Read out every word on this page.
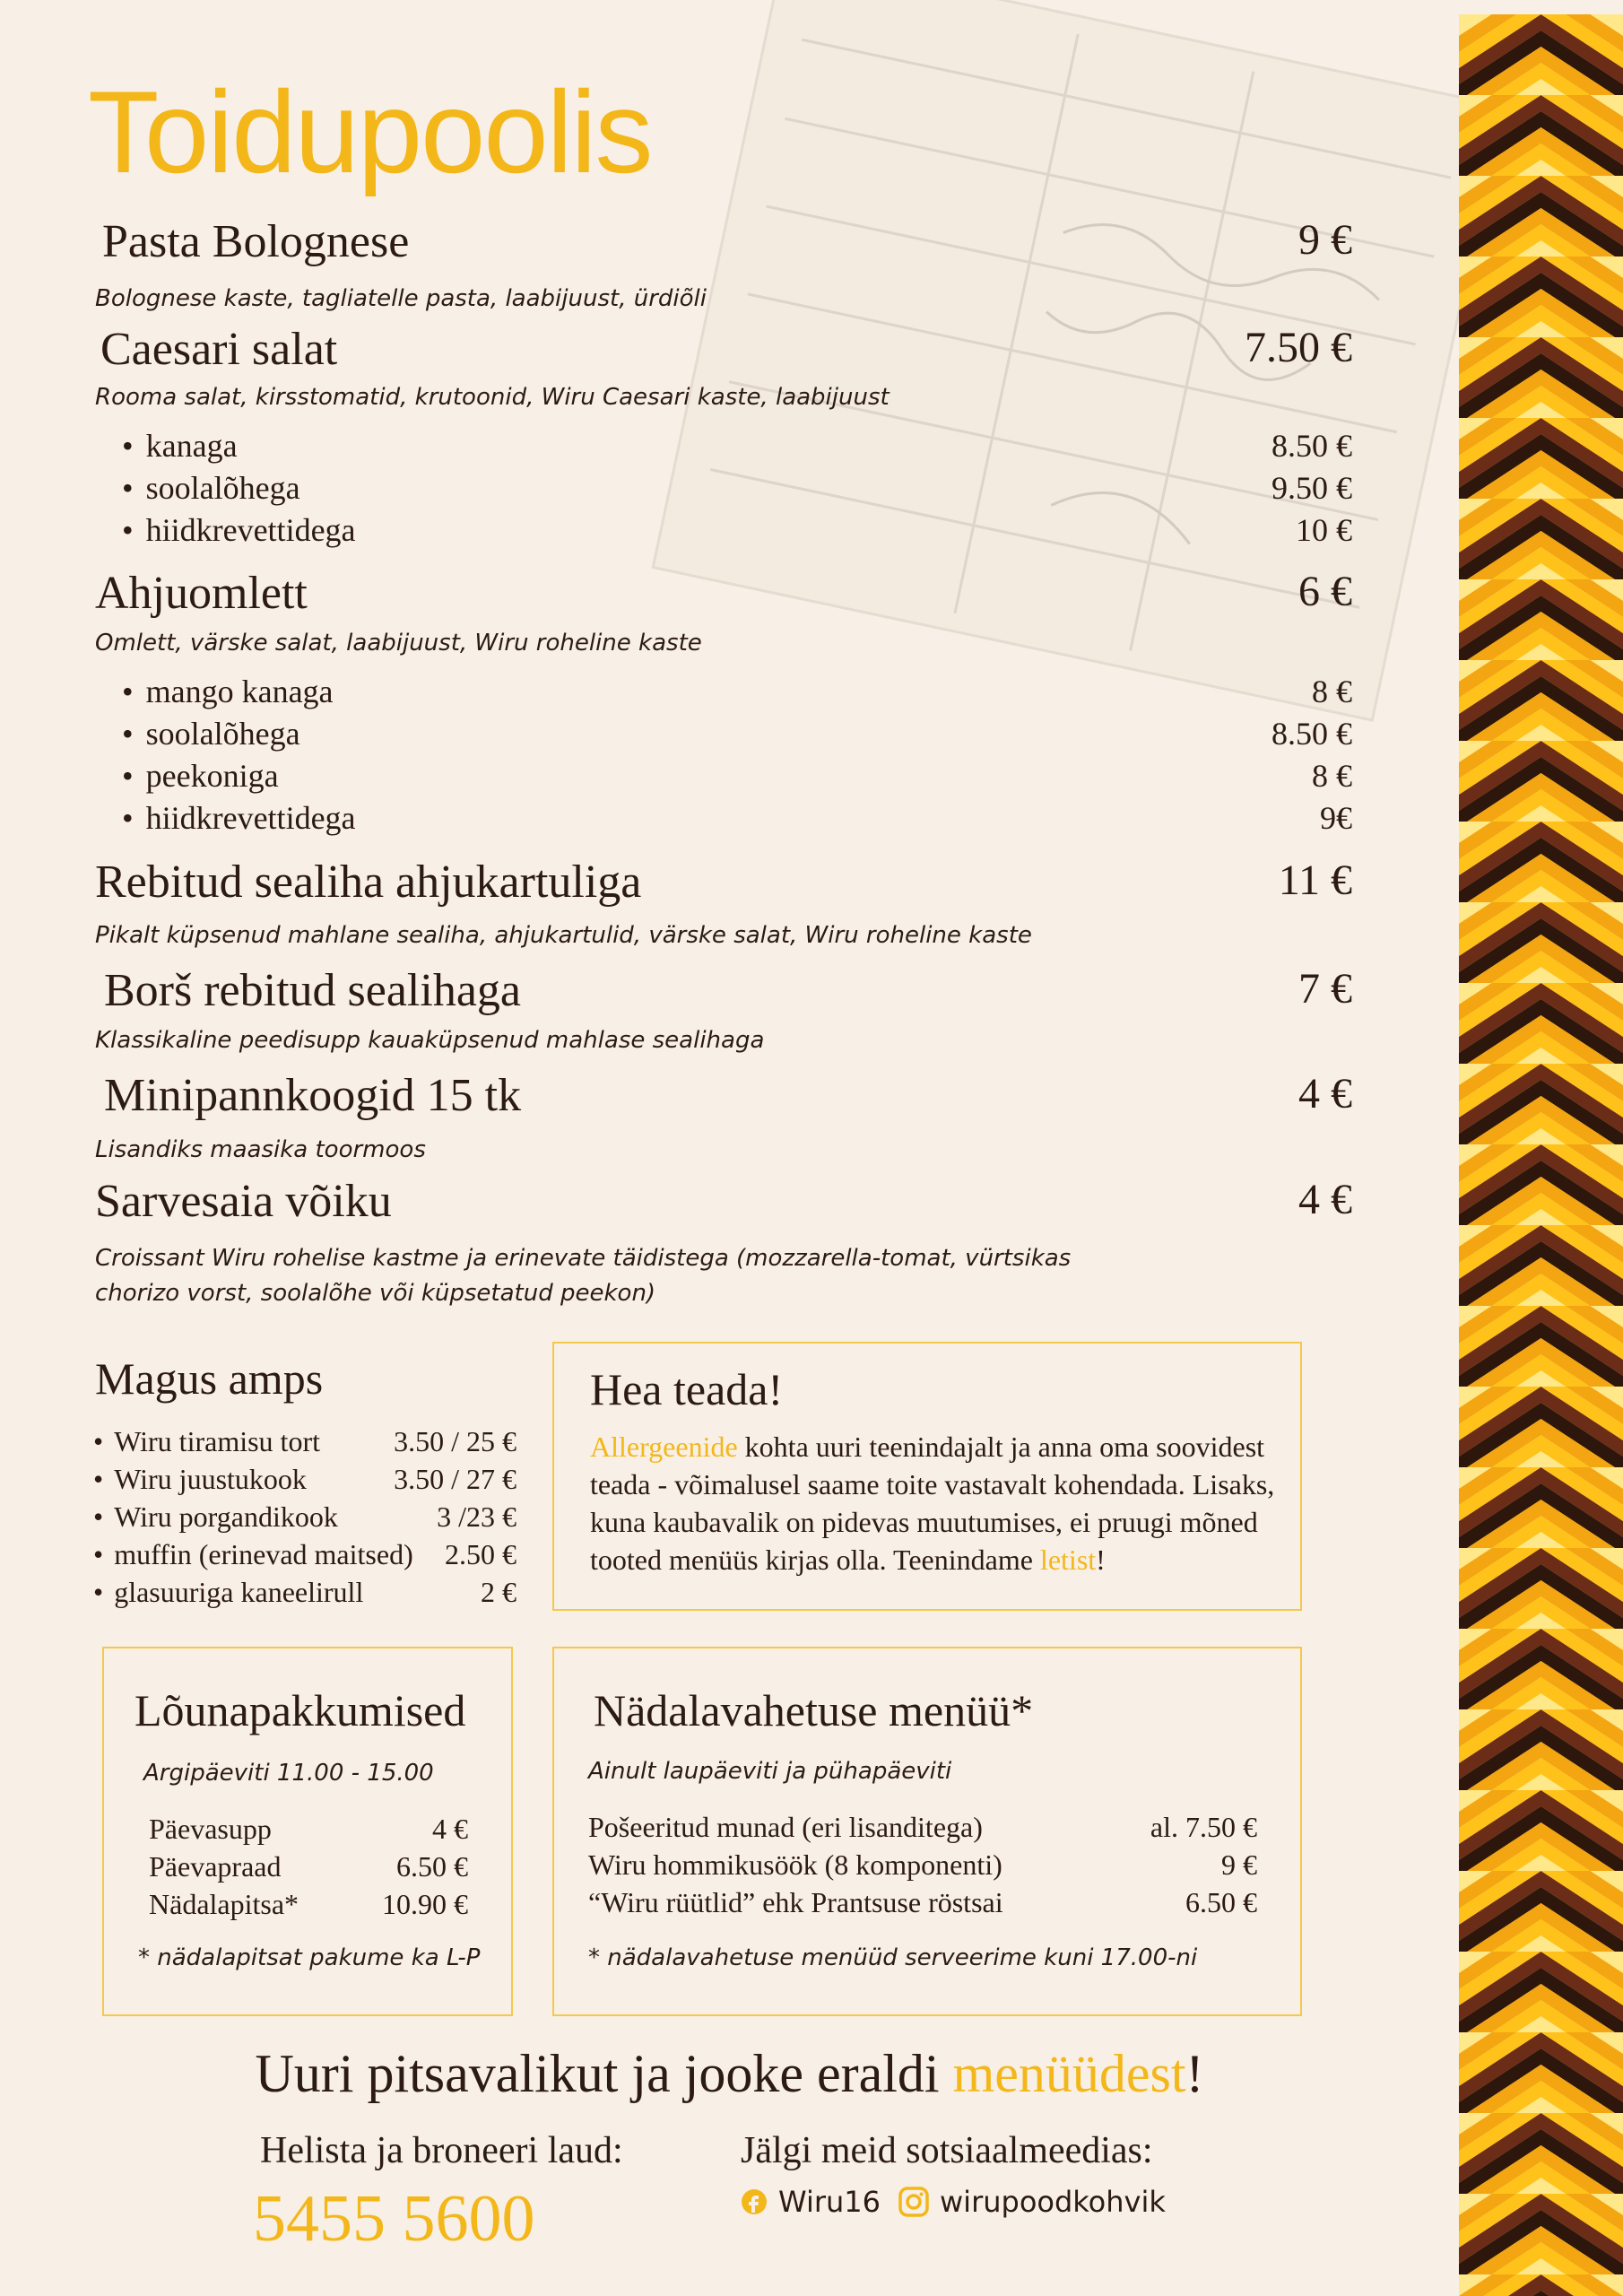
Toidupoolis
Pasta Bolognese	9 €
Bolognese kaste, tagliatelle pasta, laabijuust, ürdiõli
Caesari salat	7.50 €
Rooma salat, kirsstomatid, krutoonid, Wiru Caesari kaste, laabijuust
• kanaga	8.50 €
• soolalõhega	9.50 €
• hiidkrevettidega	10 €
Ahjuomlett	6 €
Omlett, värske salat, laabijuust, Wiru roheline kaste
• mango kanaga	8 €
• soolalõhega	8.50 €
• peekoniga	8 €
• hiidkrevettidega	9€
Rebitud sealiha ahjukartuliga	11 €
Pikalt küpsenud mahlane sealiha, ahjukartulid, värske salat, Wiru roheline kaste
Borš rebitud sealihaga	7 €
Klassikaline peedisupp kauaküpsenud mahlase sealihaga
Minipannkoogid 15 tk	4 €
Lisandiks maasika toormoos
Sarvesaia võiku	4 €
Croissant Wiru rohelise kastme ja erinevate täidistega (mozzarella-tomat, vürtsikas
chorizo vorst, soolalõhe või küpsetatud peekon)
Magus amps
• Wiru tiramisu tort	3.50 / 25 €
• Wiru juustukook	3.50 / 27 €
• Wiru porgandikook	3 /23 €
• muffin (erinevad maitsed)	2.50 €
• glasuuriga kaneelirull	2 €
Hea teada!
Allergeenide kohta uuri teenindajalt ja anna oma soovidest teada - võimalusel saame toite vastavalt kohendada. Lisaks, kuna kaubavalik on pidevas muutumises, ei pruugi mõned tooted menüüs kirjas olla. Teenindame letist!
Lõunapakkumised
Argipäeviti 11.00 - 15.00
Päevasupp	4 €
Päevapraad	6.50 €
Nädalapitsa*	10.90 €
* nädalapitsat pakume ka L-P
Nädalavahetuse menüü*
Ainult laupäeviti ja pühapäeviti
Pošeeritud munad (eri lisanditega)	al. 7.50 €
Wiru hommikusöök (8 komponenti)	9 €
“Wiru rüütlid” ehk Prantsuse röstsai	6.50 €
* nädalavahetuse menüüd serveerime kuni 17.00-ni
Uuri pitsavalikut ja jooke eraldi menüüdest!
Helista ja broneeri laud:
5455 5600
Jälgi meid sotsiaalmeedias:
Wiru16 wirupoodkohvik
